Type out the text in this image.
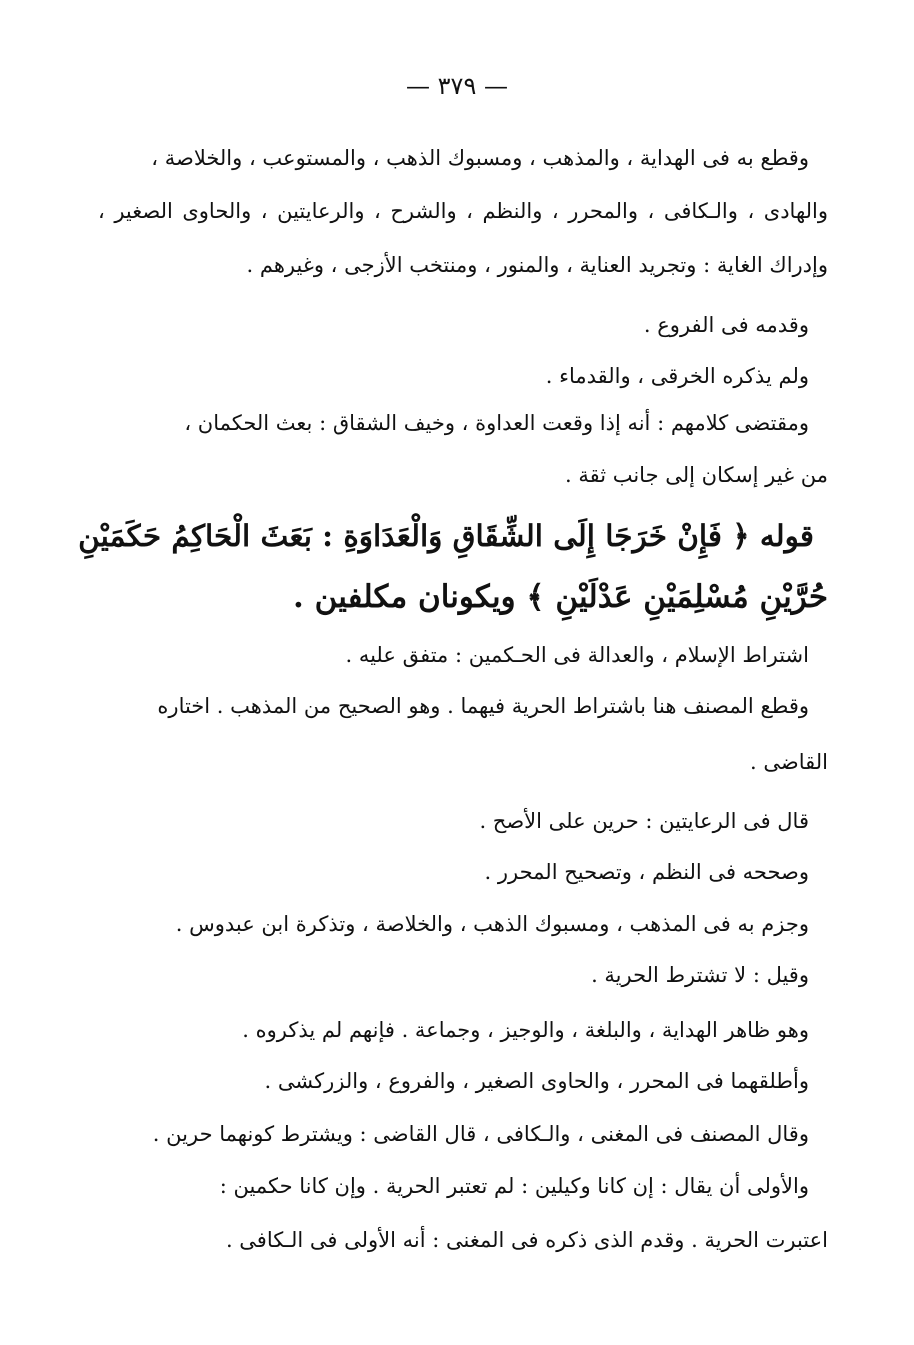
— ٣٧٩ —
وقطع به فى الهداية ، والمذهب ، ومسبوك الذهب ، والمستوعب ، والخلاصة ،
والهادى ، والـكافى ، والمحرر ، والنظم ، والشرح ، والرعايتين ، والحاوى الصغير ،
وإدراك الغاية : وتجريد العناية ، والمنور ، ومنتخب الأزجى ، وغيرهم .
وقدمه فى الفروع .
ولم يذكره الخرقى ، والقدماء .
ومقتضى كلامهم : أنه إذا وقعت العداوة ، وخيف الشقاق : بعث الحكمان ،
من غير إسكان إلى جانب ثقة .
قوله ﴿ فَإِنْ خَرَجَا إِلَى الشِّقَاقِ وَالْعَدَاوَةِ : بَعَثَ الْحَاكِمُ حَكَمَيْنِ
حُرَّيْنِ مُسْلِمَيْنِ عَدْلَيْنِ ﴾ ويكونان مكلفين .
اشتراط الإسلام ، والعدالة فى الحـكمين : متفق عليه .
وقطع المصنف هنا باشتراط الحرية فيهما . وهو الصحيح من المذهب . اختاره
القاضى .
قال فى الرعايتين : حرين على الأصح .
وصححه فى النظم ، وتصحيح المحرر .
وجزم به فى المذهب ، ومسبوك الذهب ، والخلاصة ، وتذكرة ابن عبدوس .
وقيل : لا تشترط الحرية .
وهو ظاهر الهداية ، والبلغة ، والوجيز ، وجماعة . فإنهم لم يذكروه .
وأطلقهما فى المحرر ، والحاوى الصغير ، والفروع ، والزركشى .
وقال المصنف فى المغنى ، والـكافى ، قال القاضى : ويشترط كونهما حرين .
والأولى أن يقال : إن كانا وكيلين : لم تعتبر الحرية . وإن كانا حكمين :
اعتبرت الحرية . وقدم الذى ذكره فى المغنى : أنه الأولى فى الـكافى .
